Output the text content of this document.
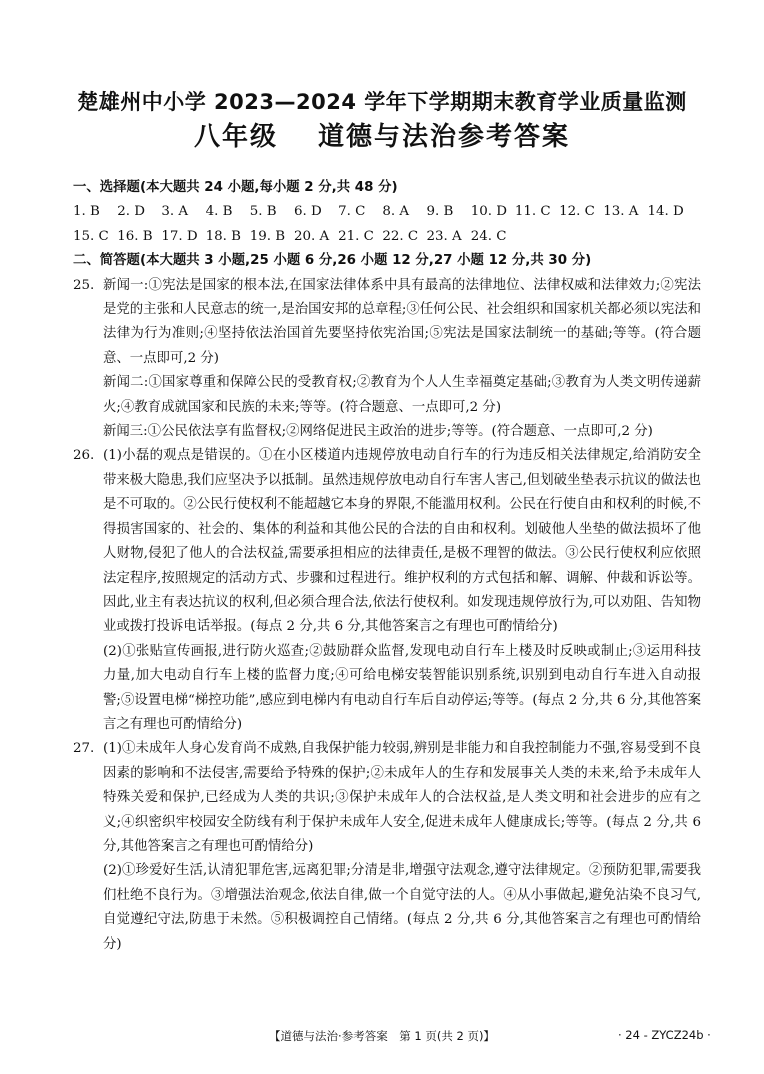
楚雄州中小学 2023—2024 学年下学期期末教育学业质量监测
八年级 道德与法治参考答案
一、选择题(本大题共 24 小题,每小题 2 分,共 48 分)
1. B	2. D	3. A	4. B	5. B	6. D	7. C	8. A	9. B	10. D 11. C 12. C 13. A 14. D
15. C 16. B 17. D 18. B 19. B 20. A 21. C 22. C 23. A 24. C
二、简答题(本大题共 3 小题,25 小题 6 分,26 小题 12 分,27 小题 12 分,共 30 分)
25. 新闻一:①宪法是国家的根本法,在国家法律体系中具有最高的法律地位、法律权威和法律效力;②宪法是党的主张和人民意志的统一,是治国安邦的总章程;③任何公民、社会组织和国家机关都必须以宪法和法律为行为准则;④坚持依法治国首先要坚持依宪治国;⑤宪法是国家法制统一的基础;等等。(符合题意、一点即可,2 分)

新闻二:①国家尊重和保障公民的受教育权;②教育为个人人生幸福奠定基础;③教育为人类文明传递薪火;④教育成就国家和民族的未来;等等。(符合题意、一点即可,2 分)

新闻三:①公民依法享有监督权;②网络促进民主政治的进步;等等。(符合题意、一点即可,2 分)

26. (1)小磊的观点是错误的。①在小区楼道内违规停放电动自行车的行为违反相关法律规定,给消防安全带来极大隐患,我们应坚决予以抵制。虽然违规停放电动自行车害人害己,但划破坐垫表示抗议的做法也是不可取的。②公民行使权利不能超越它本身的界限,不能滥用权利。公民在行使自由和权利的时候,不得损害国家的、社会的、集体的利益和其他公民的合法的自由和权利。划破他人坐垫的做法损坏了他人财物,侵犯了他人的合法权益,需要承担相应的法律责任,是极不理智的做法。③公民行使权利应依照法定程序,按照规定的活动方式、步骤和过程进行。维护权利的方式包括和解、调解、仲裁和诉讼等。因此,业主有表达抗议的权利,但必须合理合法,依法行使权利。如发现违规停放行为,可以劝阻、告知物业或拨打投诉电话举报。(每点 2 分,共 6 分,其他答案言之有理也可酌情给分)

(2)①张贴宣传画报,进行防火巡查;②鼓励群众监督,发现电动自行车上楼及时反映或制止;③运用科技力量,加大电动自行车上楼的监督力度;④可给电梯安装智能识别系统,识别到电动自行车进入自动报警;⑤设置电梯“梯控功能”,感应到电梯内有电动自行车后自动停运;等等。(每点 2 分,共 6 分,其他答案言之有理也可酌情给分)

27. (1)①未成年人身心发育尚不成熟,自我保护能力较弱,辨别是非能力和自我控制能力不强,容易受到不良因素的影响和不法侵害,需要给予特殊的保护;②未成年人的生存和发展事关人类的未来,给予未成年人特殊关爱和保护,已经成为人类的共识;③保护未成年人的合法权益,是人类文明和社会进步的应有之义;④织密织牢校园安全防线有利于保护未成年人安全,促进未成年人健康成长;等等。(每点 2 分,共 6 分,其他答案言之有理也可酌情给分)

(2)①珍爱好生活,认清犯罪危害,远离犯罪;分清是非,增强守法观念,遵守法律规定。②预防犯罪,需要我们杜绝不良行为。③增强法治观念,依法自律,做一个自觉守法的人。④从小事做起,避免沾染不良习气,自觉遵纪守法,防患于未然。⑤积极调控自己情绪。(每点 2 分,共 6 分,其他答案言之有理也可酌情给分)

【道德与法治·参考答案　第 1 页(共 2 页)】	· 24 - ZYCZ24b ·
